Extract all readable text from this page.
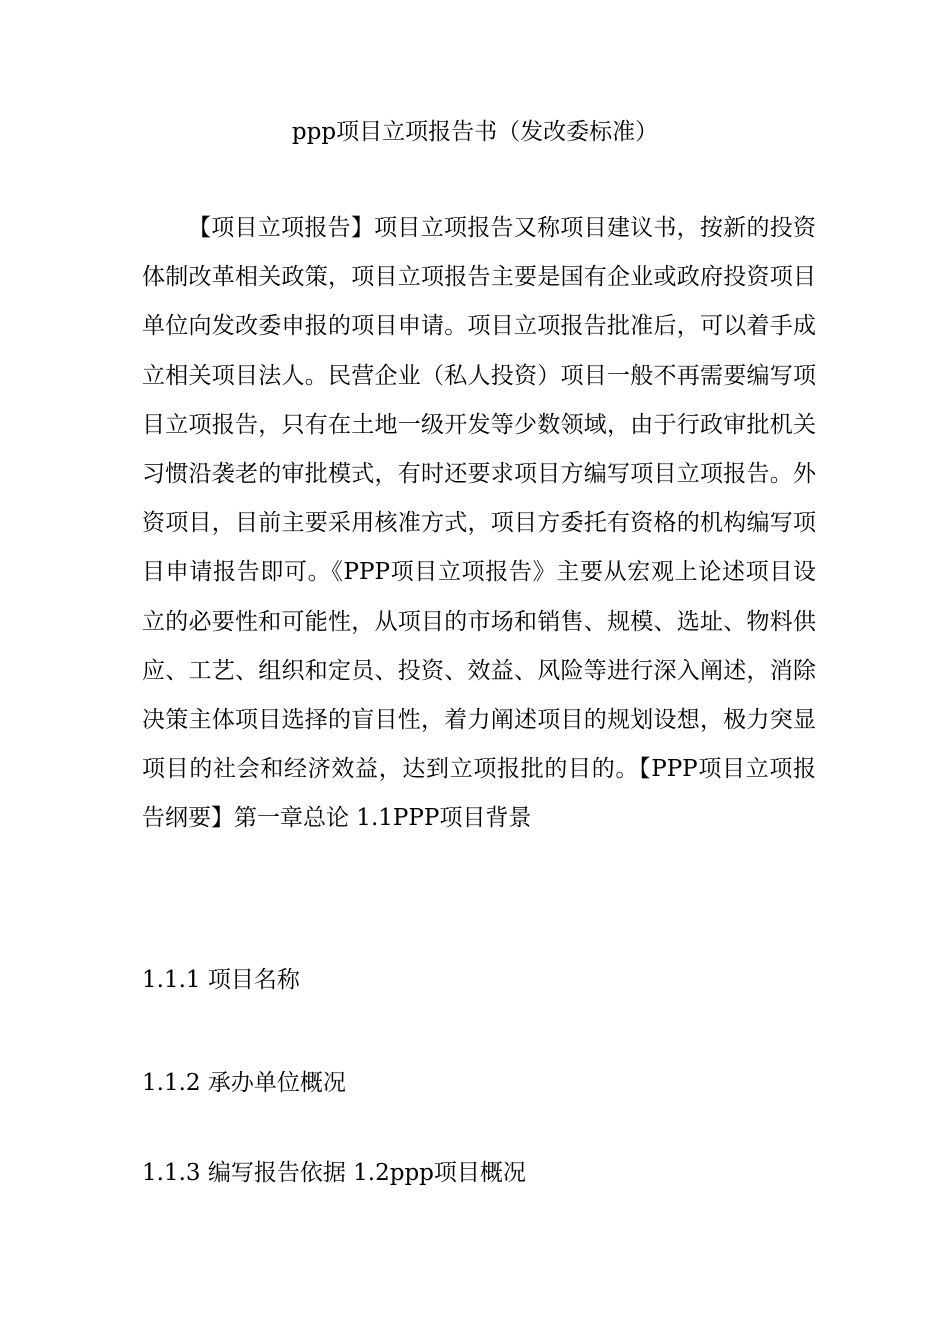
ppp项目立项报告书（发改委标准）

【项目立项报告】项目立项报告又称项目建议书，按新的投资体制改革相关政策，项目立项报告主要是国有企业或政府投资项目单位向发改委申报的项目申请。项目立项报告批准后，可以着手成立相关项目法人。民营企业（私人投资）项目一般不再需要编写项目立项报告，只有在土地一级开发等少数领域，由于行政审批机关习惯沿袭老的审批模式，有时还要求项目方编写项目立项报告。外资项目，目前主要采用核准方式，项目方委托有资格的机构编写项目申请报告即可。《PPP项目立项报告》主要从宏观上论述项目设立的必要性和可能性，从项目的市场和销售、规模、选址、物料供应、工艺、组织和定员、投资、效益、风险等进行深入阐述，消除决策主体项目选择的盲目性，着力阐述项目的规划设想，极力突显项目的社会和经济效益，达到立项报批的目的。【PPP项目立项报告纲要】第一章总论 1.1PPP项目背景

1.1.1 项目名称
1.1.2 承办单位概况
1.1.3 编写报告依据 1.2ppp项目概况
